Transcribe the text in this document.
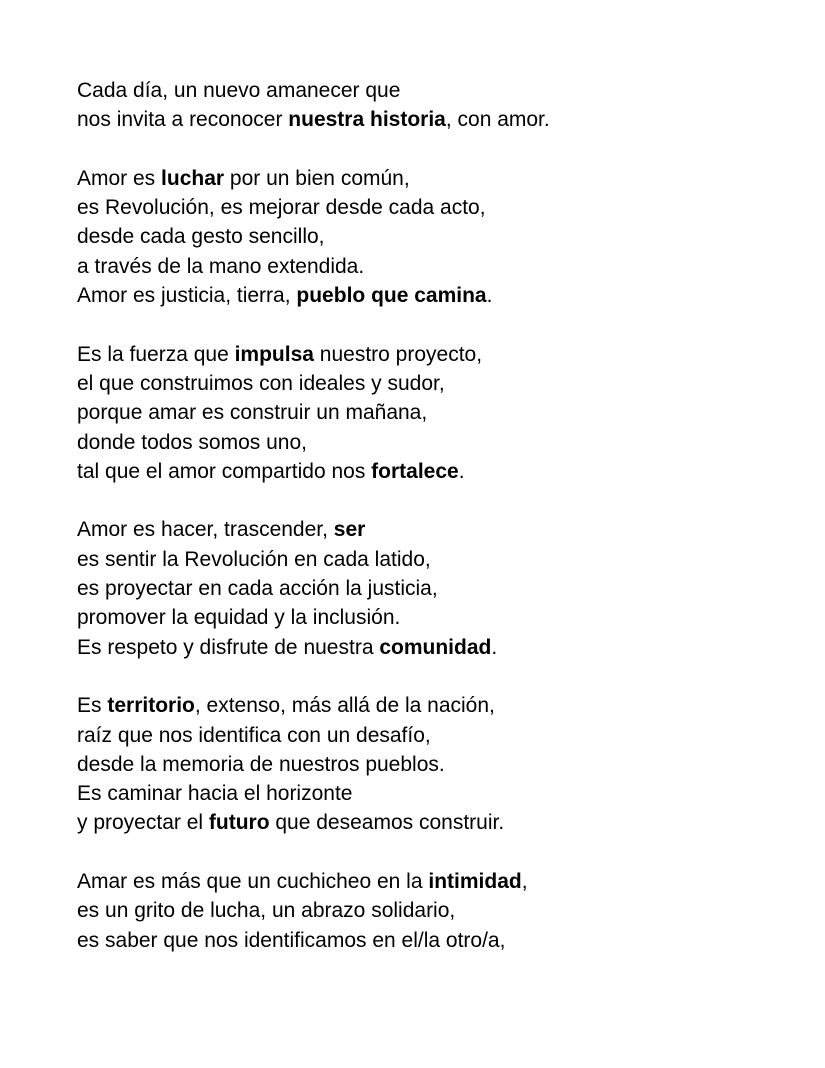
Cada día, un nuevo amanecer que
nos invita a reconocer nuestra historia, con amor.
Amor es luchar por un bien común,
es Revolución, es mejorar desde cada acto,
desde cada gesto sencillo,
a través de la mano extendida.
Amor es justicia, tierra, pueblo que camina.
Es la fuerza que impulsa nuestro proyecto,
el que construimos con ideales y sudor,
porque amar es construir un mañana,
donde todos somos uno,
tal que el amor compartido nos fortalece.
Amor es hacer, trascender, ser
es sentir la Revolución en cada latido,
es proyectar en cada acción la justicia,
promover la equidad y la inclusión.
Es respeto y disfrute de nuestra comunidad.
Es territorio, extenso, más allá de la nación,
raíz que nos identifica con un desafío,
desde la memoria de nuestros pueblos.
Es caminar hacia el horizonte
y proyectar el futuro que deseamos construir.
Amar es más que un cuchicheo en la intimidad,
es un grito de lucha, un abrazo solidario,
es saber que nos identificamos en el/la otro/a,
